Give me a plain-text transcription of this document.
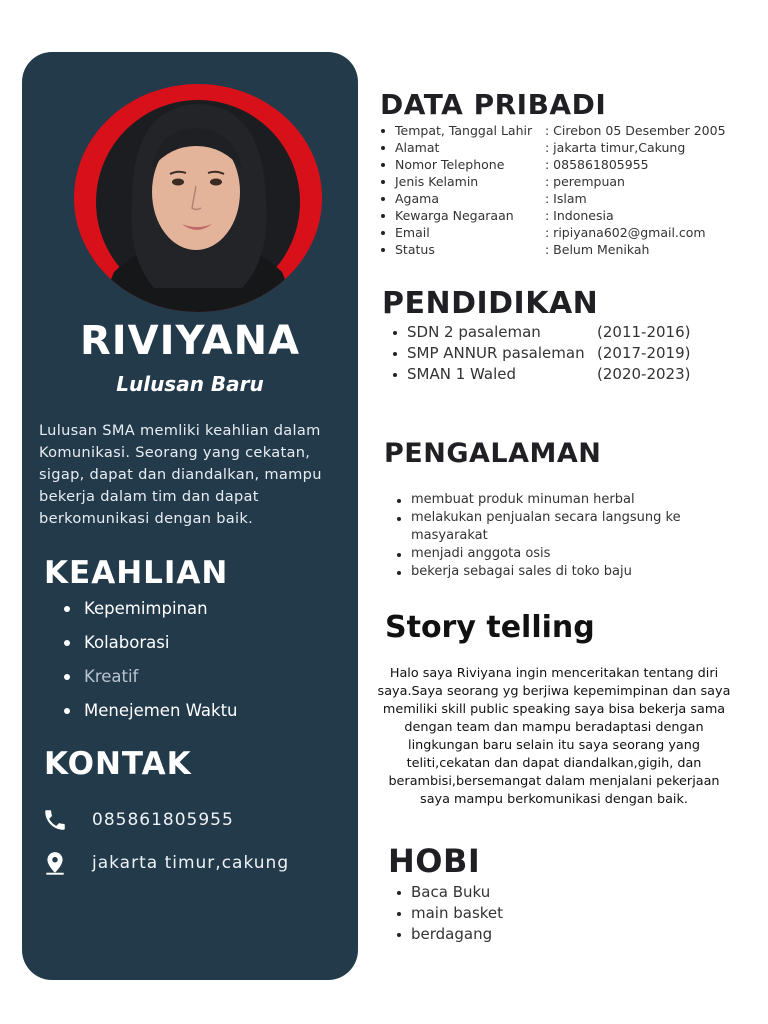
RIVIYANA
Lulusan Baru
Lulusan SMA memliki keahlian dalam Komunikasi. Seorang yang cekatan, sigap, dapat dan diandalkan, mampu bekerja dalam tim dan dapat berkomunikasi dengan baik.
KEAHLIAN
Kepemimpinan
Kolaborasi
Kreatif
Menejemen Waktu
KONTAK
085861805955
jakarta timur,cakung
DATA PRIBADI
Tempat, Tanggal Lahir : Cirebon 05 Desember 2005
Alamat	: jakarta timur,Cakung
Nomor Telephone	: 085861805955
Jenis Kelamin	: perempuan
Agama	: Islam
Kewarga Negaraan	: Indonesia
Email	: ripiyana602@gmail.com
Status	: Belum Menikah
PENDIDIKAN
SDN 2 pasaleman	(2011-2016)
SMP ANNUR pasaleman (2017-2019)
SMAN 1 Waled	(2020-2023)
PENGALAMAN
membuat produk minuman herbal
melakukan penjualan secara langsung ke masyarakat
menjadi anggota osis
bekerja sebagai sales di toko baju
Story telling
Halo saya Riviyana ingin menceritakan tentang diri saya.Saya seorang yg berjiwa kepemimpinan dan saya memiliki skill public speaking saya bisa bekerja sama dengan team dan mampu beradaptasi dengan lingkungan baru selain itu saya seorang yang teliti,cekatan dan dapat diandalkan,gigih, dan berambisi,bersemangat dalam menjalani pekerjaan saya mampu berkomunikasi dengan baik.
HOBI
Baca Buku
main basket
berdagang
